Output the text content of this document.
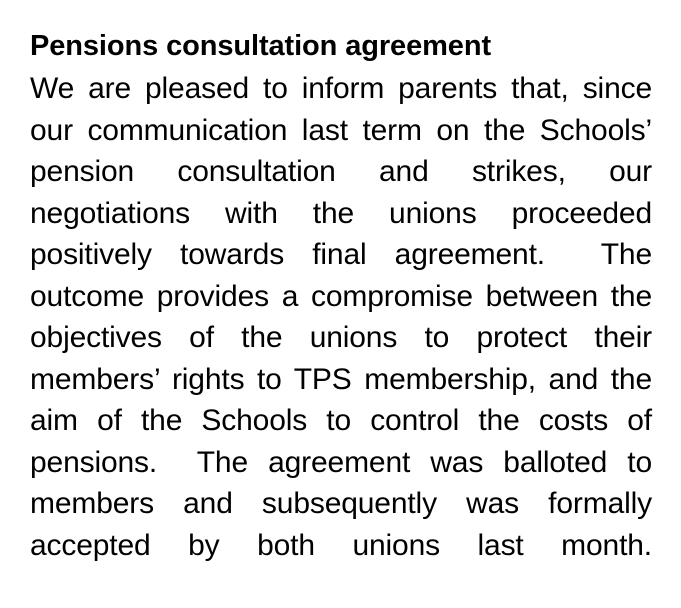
Pensions consultation agreement

We are pleased to inform parents that, since our communication last term on the Schools’ pension consultation and strikes, our negotiations with the unions proceeded positively towards final agreement.  The outcome provides a compromise between the objectives of the unions to protect their members’ rights to TPS membership, and the aim of the Schools to control the costs of pensions.  The agreement was balloted to members and subsequently was formally accepted by both unions last month.
